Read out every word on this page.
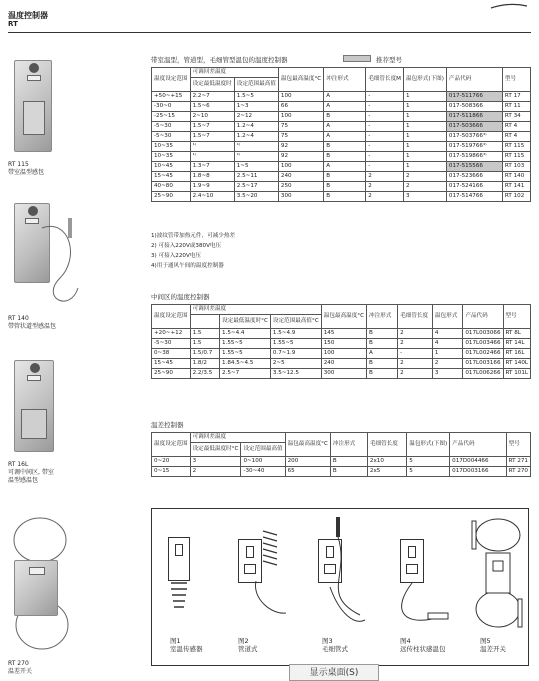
温度控制器
RT
RT 115
带室温型感包
RT 140
带管状道型感温包
RT 16L
可调中间区, 带室
温型感温包
RT 270
温差开关
带室温型，管道型，毛细管型温包的温度控制器	推荐型号
温度设定范围	可调回差温度		温包最高温度°C	冲注形式	毛细管长度M	温包形式(下图)	产品代码	型号
	设定最低温度时	设定范围最高值						
+50~+15	2.2~7	1.5~5	100	A	-	1	017-511766	RT 17
-30~0	1.5~6	1~3	66	A	-	1	017-508366	RT 11
-25~15	2~10	2~12	100	B	-	1	017-511866	RT 34
-5~30	1.5~7	1.2~4	75	A	-	1	017-503666	RT 4
-5~30	1.5~7	1.2~4	75	A	-	1	017-503766³⁾	RT 4
10~35	¹⁾	¹⁾	92	B	-	1	017-519766⁴⁾	RT 115
10~35	¹⁾	¹⁾	92	B	-	1	017-519866⁴⁾	RT 115
10~45	1.3~7	1~5	100	A	-	1	017-515566	RT 103
15~45	1.8~8	2.5~11	240	B	2	2	017-523666	RT 140
40~80	1.9~9	2.5~17	250	B	2	2	017-524166	RT 141
25~90	2.4~10	3.5~20	300	B	2	3	017-514766	RT 102
1)波纹管带加热元件，可减少热差
2) 可接入220V或380V电压
3) 可接入220V电压
4)用于通风午间的温度控制器
中间区的温度控制器
温度设定范围	可调回差温度			温包最高温度°C	冲注形式	毛细管长度	温包形式	产品代码	型号
		设定最低温度时°C	设定范围最高值°C						
+20~+12	1.5	1.5~4.4	1.5~4.9	145	B	2	4	017L003066	RT 8L
-5~30	1.5	1.55~5	1.55~5	150	B	2	4	017L003466	RT 14L
0~38	1.5/0.7	1.55~5	0.7~1.9	100	A	-	1	017L002466	RT 16L
15~45	1.8/2	1.84.5~4.5	2~5	240	B	2	2	017L003166	RT 140L
25~90	2.2/3.5	2.5~7	3.5~12.5	300	B	2	3	017L006266	RT 101L
温差控制器
温度设定范围	可调回差温度		温包最高温度°C	冲注形式	毛细管长度	温包形式(下图)	产品代码	型号
	设定最低温度时°C	设定范围最高值						
0~20	3	0~100	200	B	2x10	5	017D004466	RT 271
0~15	2	-30~40	65	B	2x5	5	017D003166	RT 270
图1
室温传感器
图2
管道式
图3
毛细管式
图4
远传柱状感温包
图5
温差开关
显示桌面(S)
